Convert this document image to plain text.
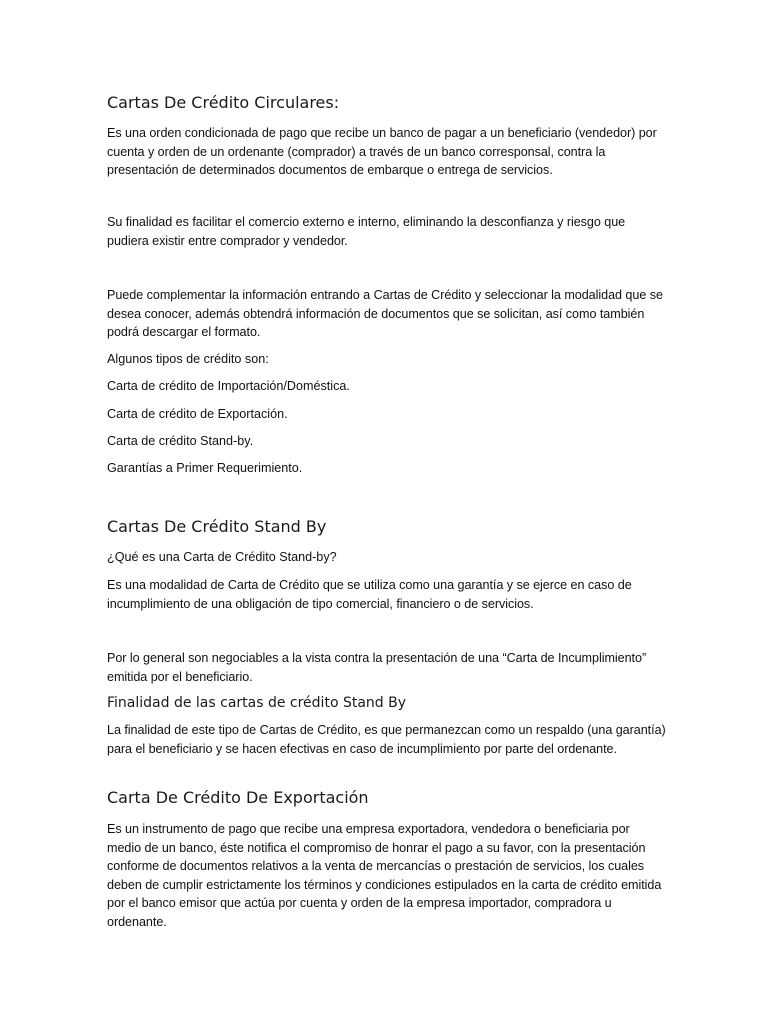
Cartas De Crédito Circulares:

Es una orden condicionada de pago que recibe un banco de pagar a un beneficiario (vendedor) por cuenta y orden de un ordenante (comprador) a través de un banco corresponsal, contra la presentación de determinados documentos de embarque o entrega de servicios.

Su finalidad es facilitar el comercio externo e interno, eliminando la desconfianza y riesgo que pudiera existir entre comprador y vendedor.

Puede complementar la información entrando a Cartas de Crédito y seleccionar la modalidad que se desea conocer, además obtendrá información de documentos que se solicitan, así como también podrá descargar el formato.

Algunos tipos de crédito son:

Carta de crédito de Importación/Doméstica.

Carta de crédito de Exportación.

Carta de crédito Stand-by.

Garantías a Primer Requerimiento.

Cartas De Crédito Stand By

¿Qué es una Carta de Crédito Stand-by?

Es una modalidad de Carta de Crédito que se utiliza como una garantía y se ejerce en caso de incumplimiento de una obligación de tipo comercial, financiero o de servicios.

Por lo general son negociables a la vista contra la presentación de una “Carta de Incumplimiento” emitida por el beneficiario.

Finalidad de las cartas de crédito Stand By

La finalidad de este tipo de Cartas de Crédito, es que permanezcan como un respaldo (una garantía) para el beneficiario y se hacen efectivas en caso de incumplimiento por parte del ordenante.

Carta De Crédito De Exportación

Es un instrumento de pago que recibe una empresa exportadora, vendedora o beneficiaria por medio de un banco, éste notifica el compromiso de honrar el pago a su favor, con la presentación conforme de documentos relativos a la venta de mercancías o prestación de servicios, los cuales deben de cumplir estrictamente los términos y condiciones estipulados en la carta de crédito emitida por el banco emisor que actúa por cuenta y orden de la empresa importador, compradora u ordenante.
